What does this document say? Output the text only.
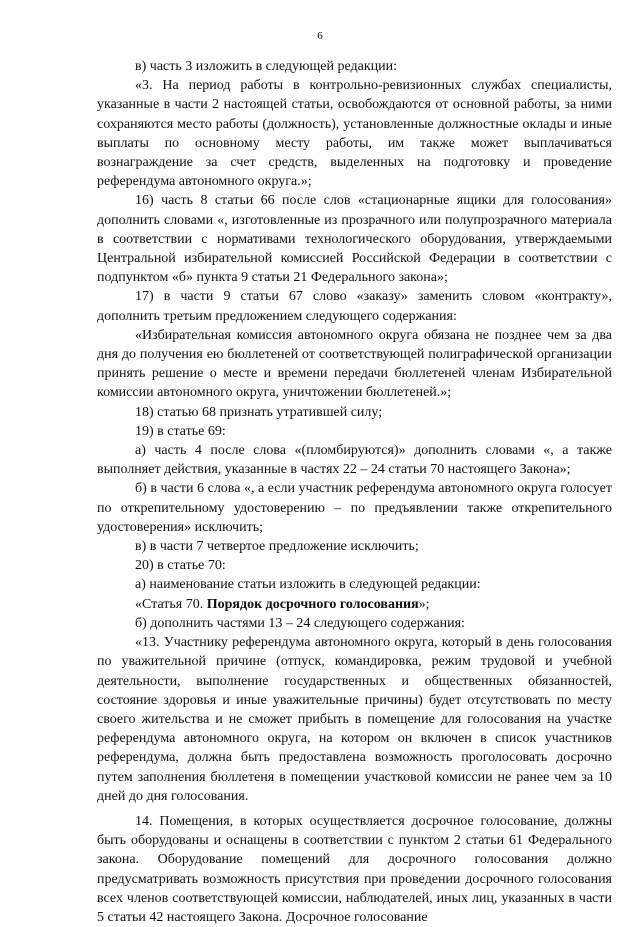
6

в) часть 3 изложить в следующей редакции:

«3. На период работы в контрольно-ревизионных службах специалисты, указанные в части 2 настоящей статьи, освобождаются от основной работы, за ними сохраняются место работы (должность), установленные должностные оклады и иные выплаты по основному месту работы, им также может выплачиваться вознаграждение за счет средств, выделенных на подготовку и проведение референдума автономного округа.»;

16) часть 8 статьи 66 после слов «стационарные ящики для голосования» дополнить словами «, изготовленные из прозрачного или полупрозрачного материала в соответствии с нормативами технологического оборудования, утверждаемыми Центральной избирательной комиссией Российской Федерации в соответствии с подпунктом «б» пункта 9 статьи 21 Федерального закона»;

17) в части 9 статьи 67 слово «заказу» заменить словом «контракту», дополнить третьим предложением следующего содержания:

«Избирательная комиссия автономного округа обязана не позднее чем за два дня до получения ею бюллетеней от соответствующей полиграфической организации принять решение о месте и времени передачи бюллетеней членам Избирательной комиссии автономного округа, уничтожении бюллетеней.»;

18) статью 68 признать утратившей силу;

19) в статье 69:

а) часть 4 после слова «(пломбируются)» дополнить словами «, а также выполняет действия, указанные в частях 22 – 24 статьи 70 настоящего Закона»;

б) в части 6 слова «, а если участник референдума автономного округа голосует по открепительному удостоверению – по предъявлении также открепительного удостоверения» исключить;

в) в части 7 четвертое предложение исключить;

20) в статье 70:

а) наименование статьи изложить в следующей редакции:

«Статья 70. Порядок досрочного голосования»;

б) дополнить частями 13 – 24 следующего содержания:

«13. Участнику референдума автономного округа, который в день голосования по уважительной причине (отпуск, командировка, режим трудовой и учебной деятельности, выполнение государственных и общественных обязанностей, состояние здоровья и иные уважительные причины) будет отсутствовать по месту своего жительства и не сможет прибыть в помещение для голосования на участке референдума автономного округа, на котором он включен в список участников референдума, должна быть предоставлена возможность проголосовать досрочно путем заполнения бюллетеня в помещении участковой комиссии не ранее чем за 10 дней до дня голосования.

14. Помещения, в которых осуществляется досрочное голосование, должны быть оборудованы и оснащены в соответствии с пунктом 2 статьи 61 Федерального закона. Оборудование помещений для досрочного голосования должно предусматривать возможность присутствия при проведении досрочного голосования всех членов соответствующей комиссии, наблюдателей, иных лиц, указанных в части 5 статьи 42 настоящего Закона. Досрочное голосование
